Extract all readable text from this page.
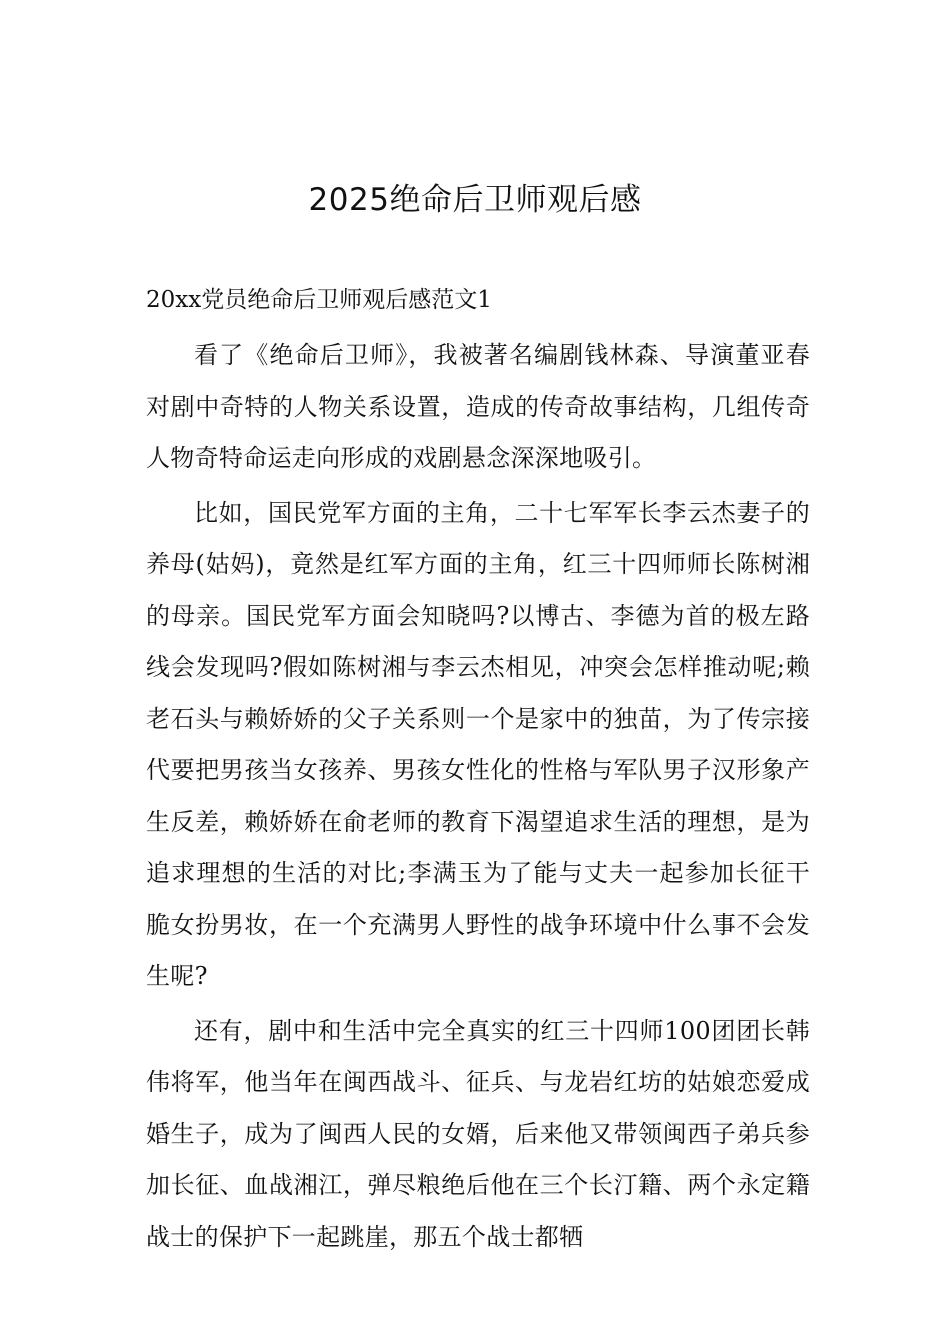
2025绝命后卫师观后感
20xx党员绝命后卫师观后感范文1

看了《绝命后卫师》，我被著名编剧钱林森、导演董亚春对剧中奇特的人物关系设置，造成的传奇故事结构，几组传奇人物奇特命运走向形成的戏剧悬念深深地吸引。

比如，国民党军方面的主角，二十七军军长李云杰妻子的养母(姑妈)，竟然是红军方面的主角，红三十四师师长陈树湘的母亲。国民党军方面会知晓吗?以博古、李德为首的极左路线会发现吗?假如陈树湘与李云杰相见，冲突会怎样推动呢;赖老石头与赖娇娇的父子关系则一个是家中的独苗，为了传宗接代要把男孩当女孩养、男孩女性化的性格与军队男子汉形象产生反差，赖娇娇在俞老师的教育下渴望追求生活的理想，是为追求理想的生活的对比;李满玉为了能与丈夫一起参加长征干脆女扮男妆，在一个充满男人野性的战争环境中什么事不会发生呢?

还有，剧中和生活中完全真实的红三十四师100团团长韩伟将军，他当年在闽西战斗、征兵、与龙岩红坊的姑娘恋爱成婚生子，成为了闽西人民的女婿，后来他又带领闽西子弟兵参加长征、血战湘江，弹尽粮绝后他在三个长汀籍、两个永定籍战士的保护下一起跳崖，那五个战士都牺
